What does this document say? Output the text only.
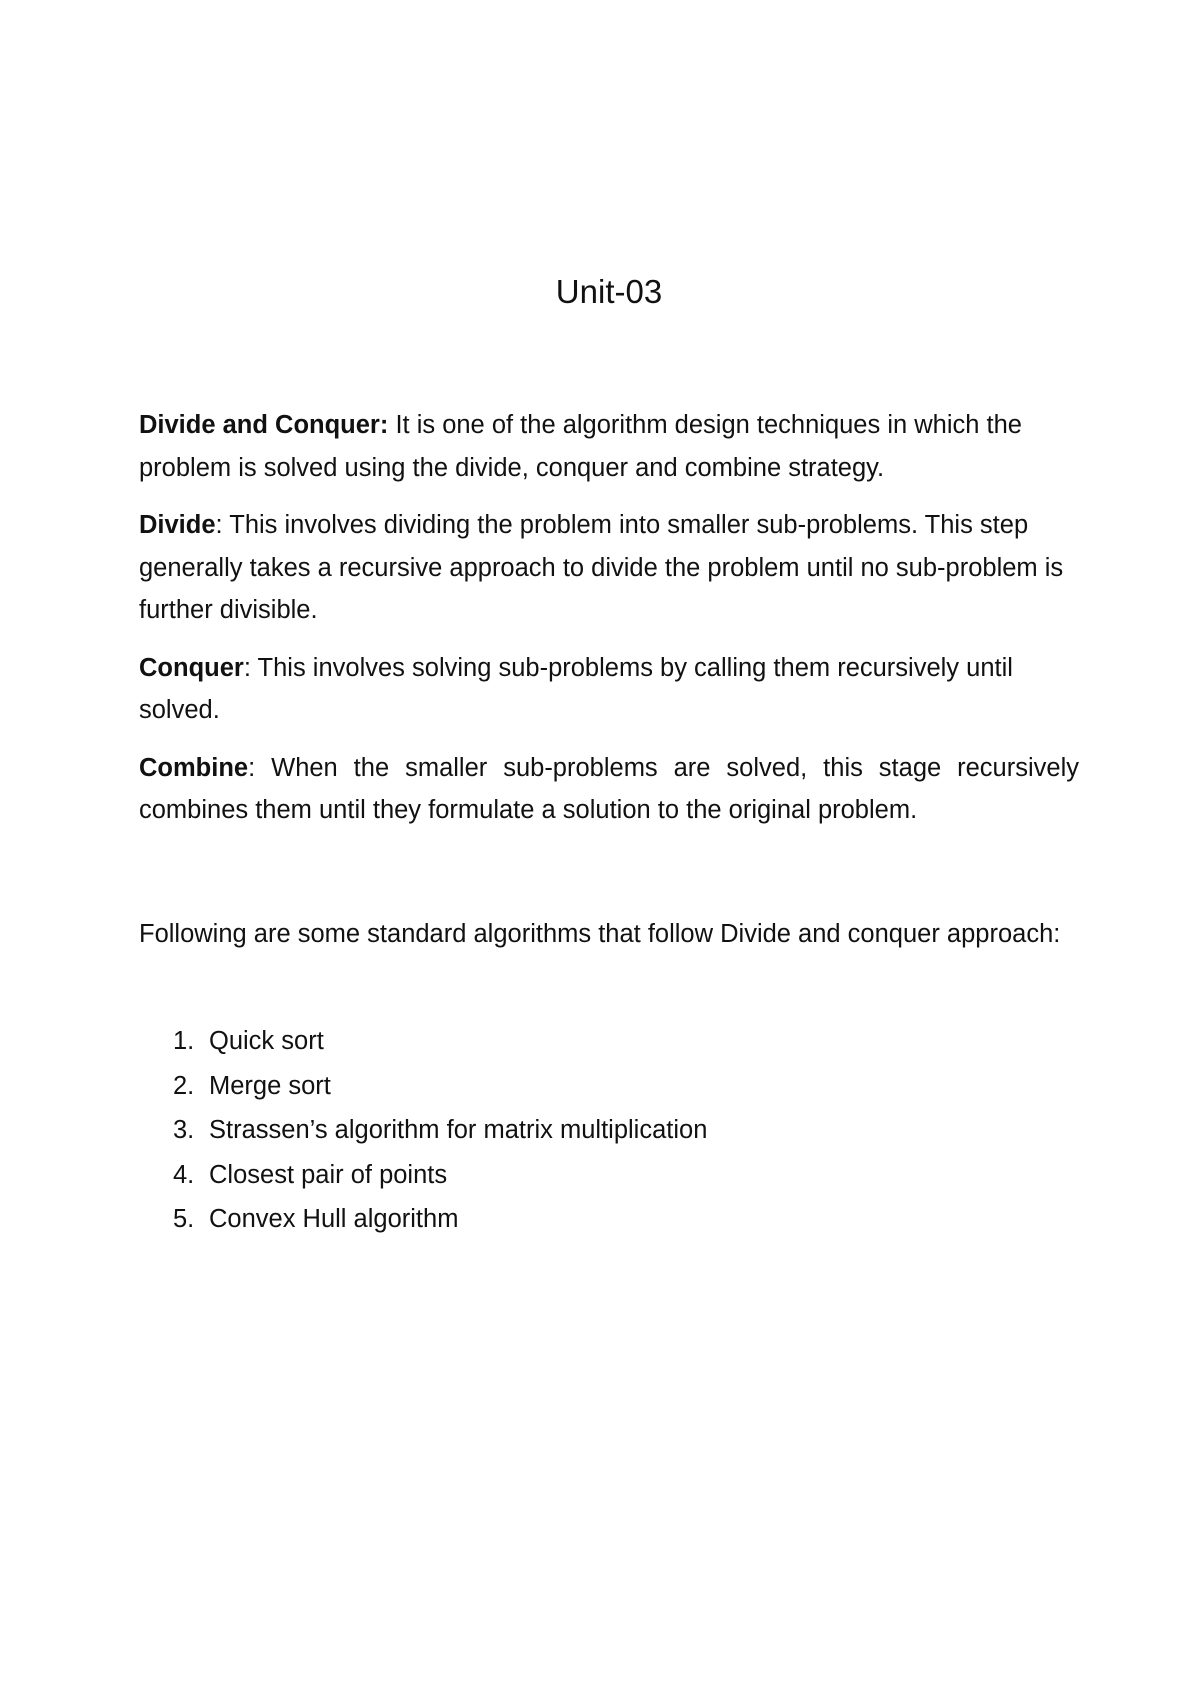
Unit-03

Divide and Conquer: It is one of the algorithm design techniques in which the problem is solved using the divide, conquer and combine strategy.

Divide: This involves dividing the problem into smaller sub-problems. This step generally takes a recursive approach to divide the problem until no sub-problem is further divisible.

Conquer: This involves solving sub-problems by calling them recursively until solved.

Combine: When the smaller sub-problems are solved, this stage recursively combines them until they formulate a solution to the original problem.

Following are some standard algorithms that follow Divide and conquer approach:

1. Quick sort
2. Merge sort
3. Strassen’s algorithm for matrix multiplication
4. Closest pair of points
5. Convex Hull algorithm
